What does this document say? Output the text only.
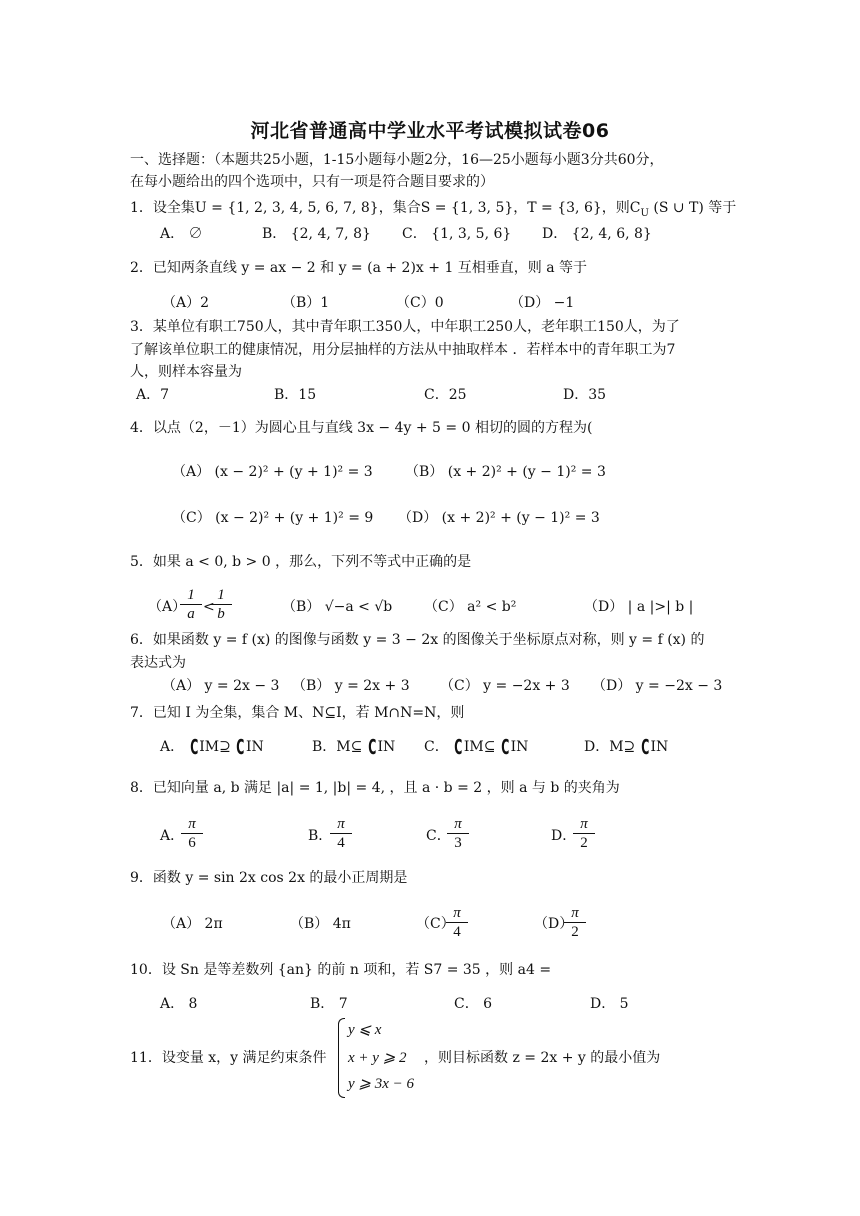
河北省普通高中学业水平考试模拟试卷06
一、选择题：（本题共25小题，1-15小题每小题2分，16—25小题每小题3分共60分，
在每小题给出的四个选项中，只有一项是符合题目要求的）
1．设全集U = {1, 2, 3, 4, 5, 6, 7, 8}，集合S = {1, 3, 5}，T = {3, 6}，则$C_U$ (S ∪ T) 等于
A． ∅	B． {2, 4, 7, 8} C． {1, 3, 5, 6} D． {2, 4, 6, 8}
2．已知两条直线 y = ax − 2 和 y = (a + 2)x + 1 互相垂直，则 a 等于
（A）2	（B）1	（C）0	（D） −1
3．某单位有职工750人，其中青年职工350人，中年职工250人，老年职工150人，为了
了解该单位职工的健康情况，用分层抽样的方法从中抽取样本 ．若样本中的青年职工为7
人，则样本容量为
A．7	B．15	C．25	D．35
4．以点（2，－1）为圆心且与直线 3x − 4y + 5 = 0 相切的圆的方程为(
（A） (x − 2)² + (y + 1)² = 3 （B） (x + 2)² + (y − 1)² = 3
（C） (x − 2)² + (y + 1)² = 9 （D） (x + 2)² + (y − 1)² = 3
5．如果 a < 0, b > 0 ，那么，下列不等式中正确的是
（A）
$\frac{1}{a}$ <
$\frac{1}{b}$	（B） √−a < √b （C） a² < b²	（D） | a |>| b |
6．如果函数 y = f (x) 的图像与函数 y = 3 − 2x 的图像关于坐标原点对称，则 y = f (x) 的
表达式为
（A） y = 2x − 3 （B） y = 2x + 3 （C） y = −2x + 3 （D） y = −2x − 3
7．已知 I 为全集，集合 M、N⊆I，若 M∩N=N，则
A． CIM⊇ CIN	B．M⊆ CIN C． CIM⊆ CIN	D．M⊇ CIN
8．已知向量 a, b 满足 |a| = 1, |b| = 4, ，且 a · b = 2 ，则 a 与 b 的夹角为
A．
$\frac{\pi}{6}$	B．
$\frac{\pi}{4}$	C．
$\frac{\pi}{3}$	D．
$\frac{\pi}{2}$
9．函数 y = sin 2x cos 2x 的最小正周期是
（A） 2π	（B） 4π	（C）
$\frac{\pi}{4}$	（D）
$\frac{\pi}{2}$
10．设 Sn 是等差数列 {an} 的前 n 项和，若 S7 = 35 ，则 a4 =
A． 8	B． 7	C． 6	D． 5
11．设变量 x，y 满足约束条件
y ⩽ x
x + y ⩾ 2
y ⩾ 3x − 6
，则目标函数 z = 2x + y 的最小值为
